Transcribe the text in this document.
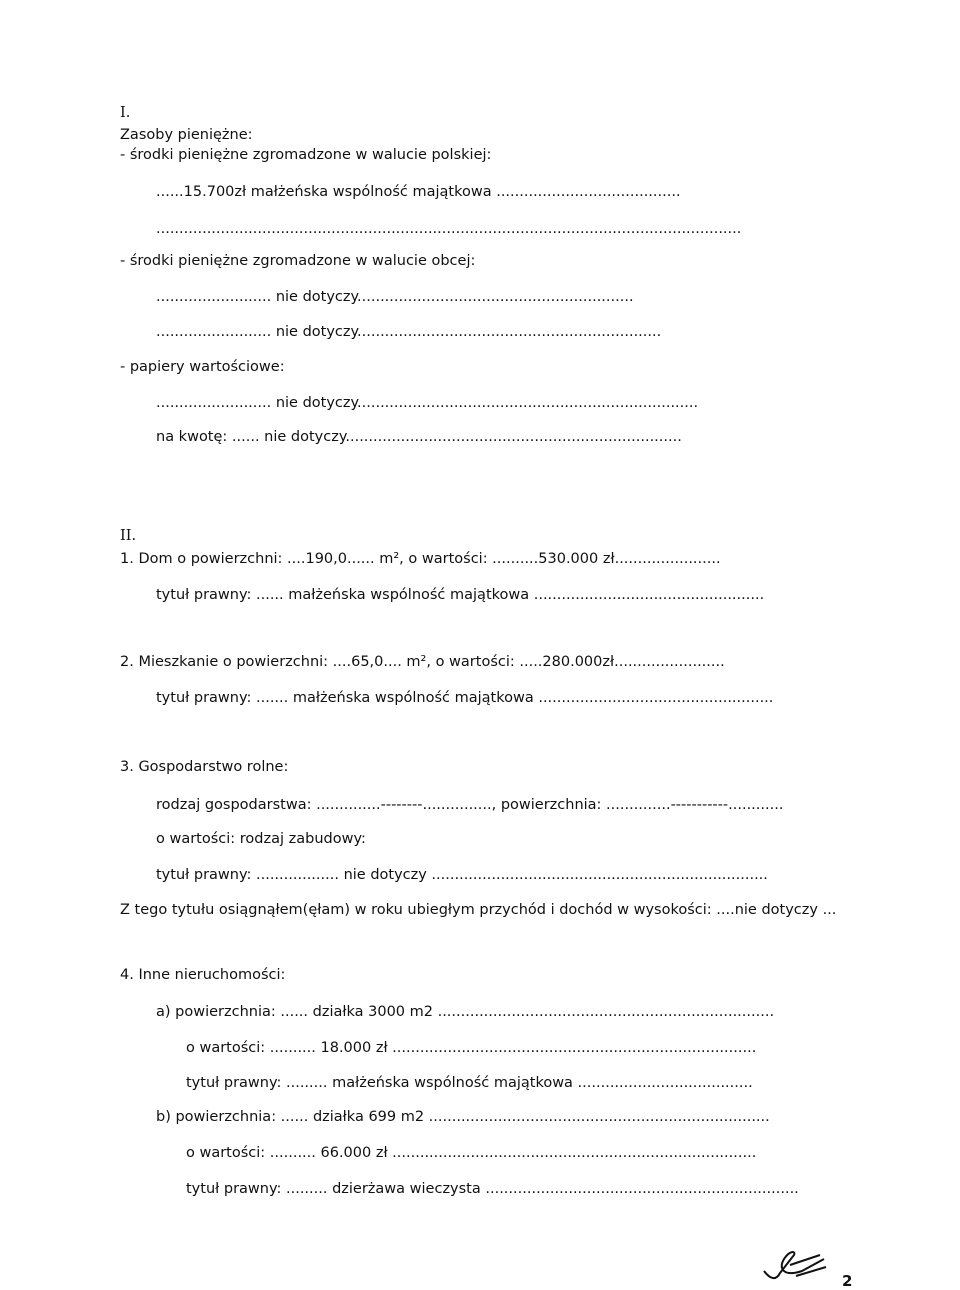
I.
Zasoby pieniężne:
- środki pieniężne zgromadzone w walucie polskiej:
......15.700zł małżeńska wspólność majątkowa ........................................
...............................................................................................................................
- środki pieniężne zgromadzone w walucie obcej:
......................... nie dotyczy............................................................
......................... nie dotyczy..................................................................
- papiery wartościowe:
......................... nie dotyczy..........................................................................
na kwotę: ...... nie dotyczy.........................................................................
II.
1. Dom o powierzchni: ....190,0...... m², o wartości: ..........530.000 zł.......................
tytuł prawny: ...... małżeńska wspólność majątkowa ..................................................
2. Mieszkanie o powierzchni: ....65,0.... m², o wartości: .....280.000zł........................
tytuł prawny: ....... małżeńska wspólność majątkowa ...................................................
3. Gospodarstwo rolne:
rodzaj gospodarstwa: ..............--------..............., powierzchnia: ..............-----------............
o wartości: rodzaj zabudowy:
tytuł prawny: .................. nie dotyczy .........................................................................
Z tego tytułu osiągnąłem(ęłam) w roku ubiegłym przychód i dochód w wysokości: ....nie dotyczy ...
4. Inne nieruchomości:
a) powierzchnia: ...... działka 3000 m2 .........................................................................
o wartości: .......... 18.000 zł ...............................................................................
tytuł prawny: ......... małżeńska wspólność majątkowa ......................................
b) powierzchnia: ...... działka 699 m2 ..........................................................................
o wartości: .......... 66.000 zł ...............................................................................
tytuł prawny: ......... dzierżawa wieczysta ....................................................................
2
